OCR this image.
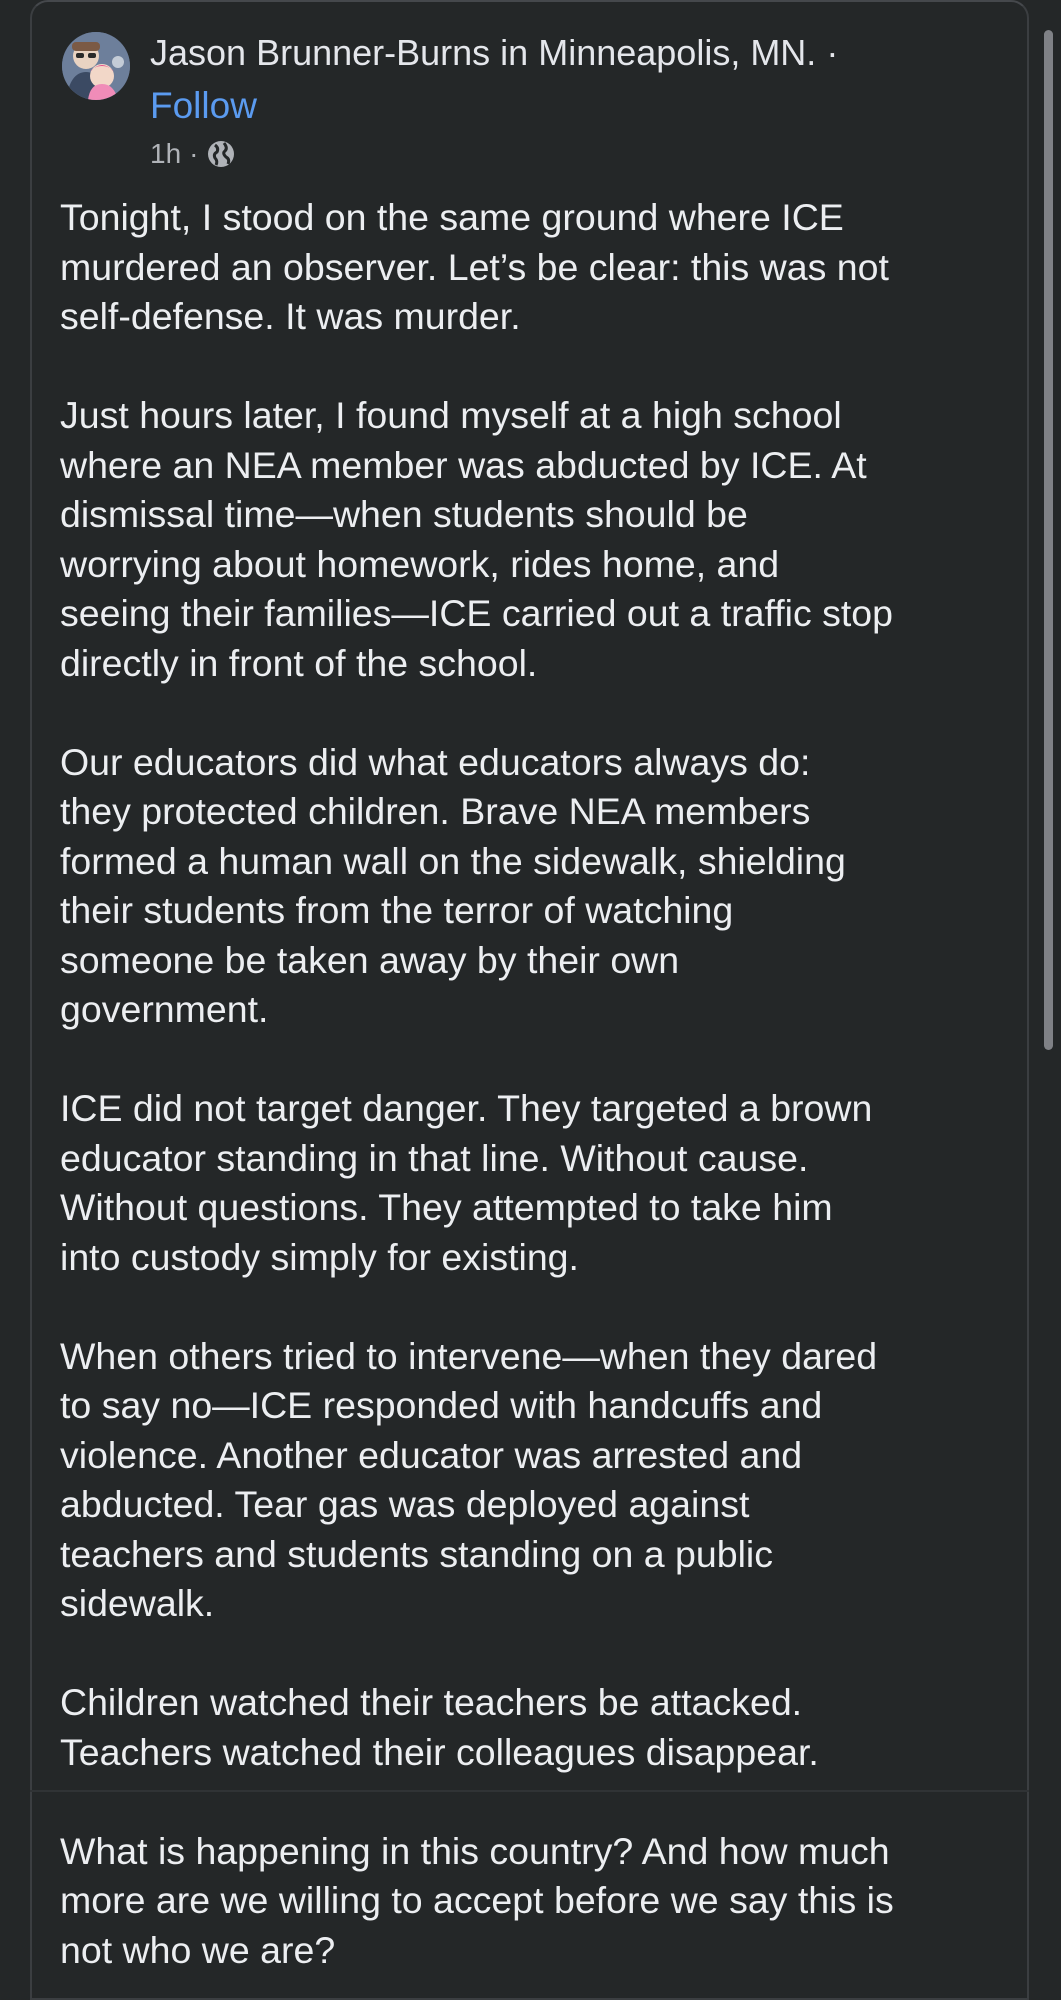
Jason Brunner-Burns in Minneapolis, MN. ·
Follow
1h ·

Tonight, I stood on the same ground where ICE
murdered an observer. Let’s be clear: this was not
self-defense. It was murder.

Just hours later, I found myself at a high school
where an NEA member was abducted by ICE. At
dismissal time—when students should be
worrying about homework, rides home, and
seeing their families—ICE carried out a traffic stop
directly in front of the school.

Our educators did what educators always do:
they protected children. Brave NEA members
formed a human wall on the sidewalk, shielding
their students from the terror of watching
someone be taken away by their own
government.

ICE did not target danger. They targeted a brown
educator standing in that line. Without cause.
Without questions. They attempted to take him
into custody simply for existing.

When others tried to intervene—when they dared
to say no—ICE responded with handcuffs and
violence. Another educator was arrested and
abducted. Tear gas was deployed against
teachers and students standing on a public
sidewalk.

Children watched their teachers be attacked.
Teachers watched their colleagues disappear.

What is happening in this country? And how much
more are we willing to accept before we say this is
not who we are?
